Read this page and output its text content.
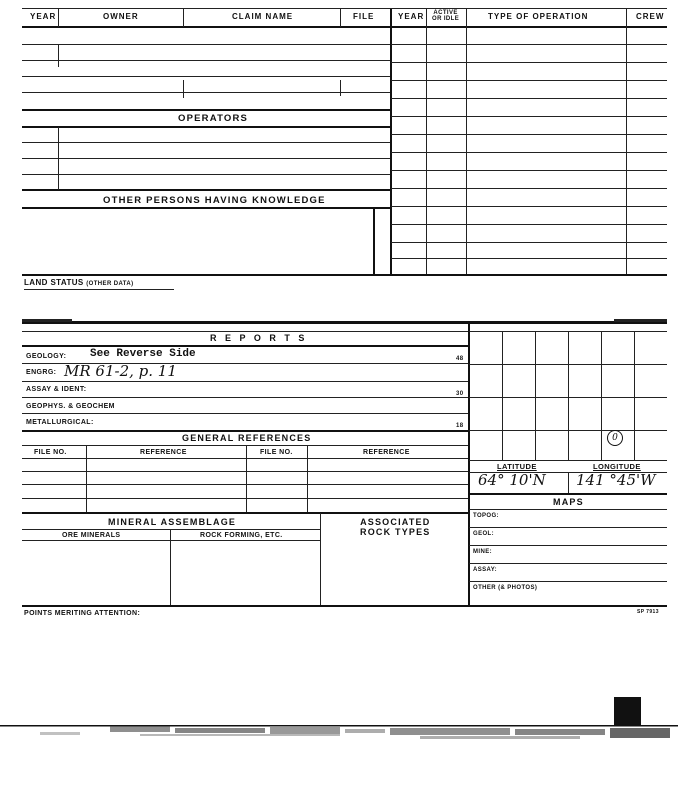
YEAR	OWNER	CLAIM NAME	FILE	YEAR ACTIVE
OR IDLE	TYPE OF OPERATION	CREW
OPERATORS
OTHER PERSONS HAVING KNOWLEDGE
LAND STATUS (OTHER DATA)
R E P O R T S
GEOLOGY: See Reverse Side
ENGRG: MR 61-2, p. 11
ASSAY & IDENT:
GEOPHYS. & GEOCHEM
METALLURGICAL:
48
30
18
GENERAL REFERENCES
FILE NO.	REFERENCE	FILE NO.	REFERENCE
MINERAL ASSEMBLAGE
ORE MINERALS	ROCK FORMING, ETC.
ASSOCIATED
ROCK TYPES
0
LATITUDE	LONGITUDE
64° 10'N 141 °45'W
MAPS
TOPOG:
GEOL:
MINE:
ASSAY:
OTHER (& PHOTOS)
POINTS MERITING ATTENTION:	SP 7913
